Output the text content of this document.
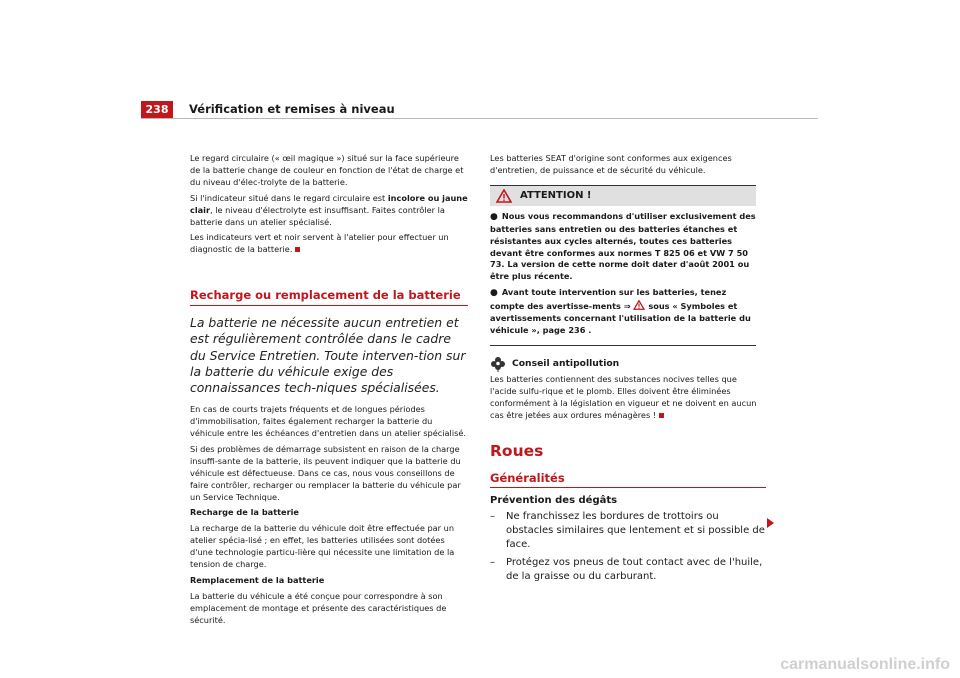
238	Vérification et remises à niveau

Le regard circulaire (« œil magique ») situé sur la face supérieure de la batterie change de couleur en fonction de l'état de charge et du niveau d'élec-trolyte de la batterie.

Si l'indicateur situé dans le regard circulaire est incolore ou jaune clair, le niveau d'électrolyte est insuffisant. Faites contrôler la batterie dans un atelier spécialisé.

Les indicateurs vert et noir servent à l'atelier pour effectuer un diagnostic de la batterie.

Recharge ou remplacement de la batterie
La batterie ne nécessite aucun entretien et est régulièrement contrôlée dans le cadre du Service Entretien. Toute interven-tion sur la batterie du véhicule exige des connaissances tech-niques spécialisées.

En cas de courts trajets fréquents et de longues périodes d'immobilisation, faites également recharger la batterie du véhicule entre les échéances d'entretien dans un atelier spécialisé.

Si des problèmes de démarrage subsistent en raison de la charge insuffi-sante de la batterie, ils peuvent indiquer que la batterie du véhicule est défectueuse. Dans ce cas, nous vous conseillons de faire contrôler, recharger ou remplacer la batterie du véhicule par un Service Technique.

Recharge de la batterie

La recharge de la batterie du véhicule doit être effectuée par un atelier spécia-lisé ; en effet, les batteries utilisées sont dotées d'une technologie particu-lière qui nécessite une limitation de la tension de charge.

Remplacement de la batterie

La batterie du véhicule a été conçue pour correspondre à son emplacement de montage et présente des caractéristiques de sécurité.

Les batteries SEAT d'origine sont conformes aux exigences d'entretien, de puissance et de sécurité du véhicule.

ATTENTION !

● Nous vous recommandons d'utiliser exclusivement des batteries sans entretien ou des batteries étanches et résistantes aux cycles alternés, toutes ces batteries devant être conformes aux normes T 825 06 et VW 7 50 73. La version de cette norme doit dater d'août 2001 ou être plus récente.

● Avant toute intervention sur les batteries, tenez compte des avertisse-ments ⇒  sous « Symboles et avertissements concernant l'utilisation de la batterie du véhicule », page 236 .

Conseil antipollution

Les batteries contiennent des substances nocives telles que l'acide sulfu-rique et le plomb. Elles doivent être éliminées conformément à la législation en vigueur et ne doivent en aucun cas être jetées aux ordures ménagères !

Roues
Généralités
Prévention des dégâts
–	Ne franchissez les bordures de trottoirs ou obstacles similaires que lentement et si possible de face.
–	Protégez vos pneus de tout contact avec de l'huile, de la graisse ou du carburant.
carmanualsonline.info
